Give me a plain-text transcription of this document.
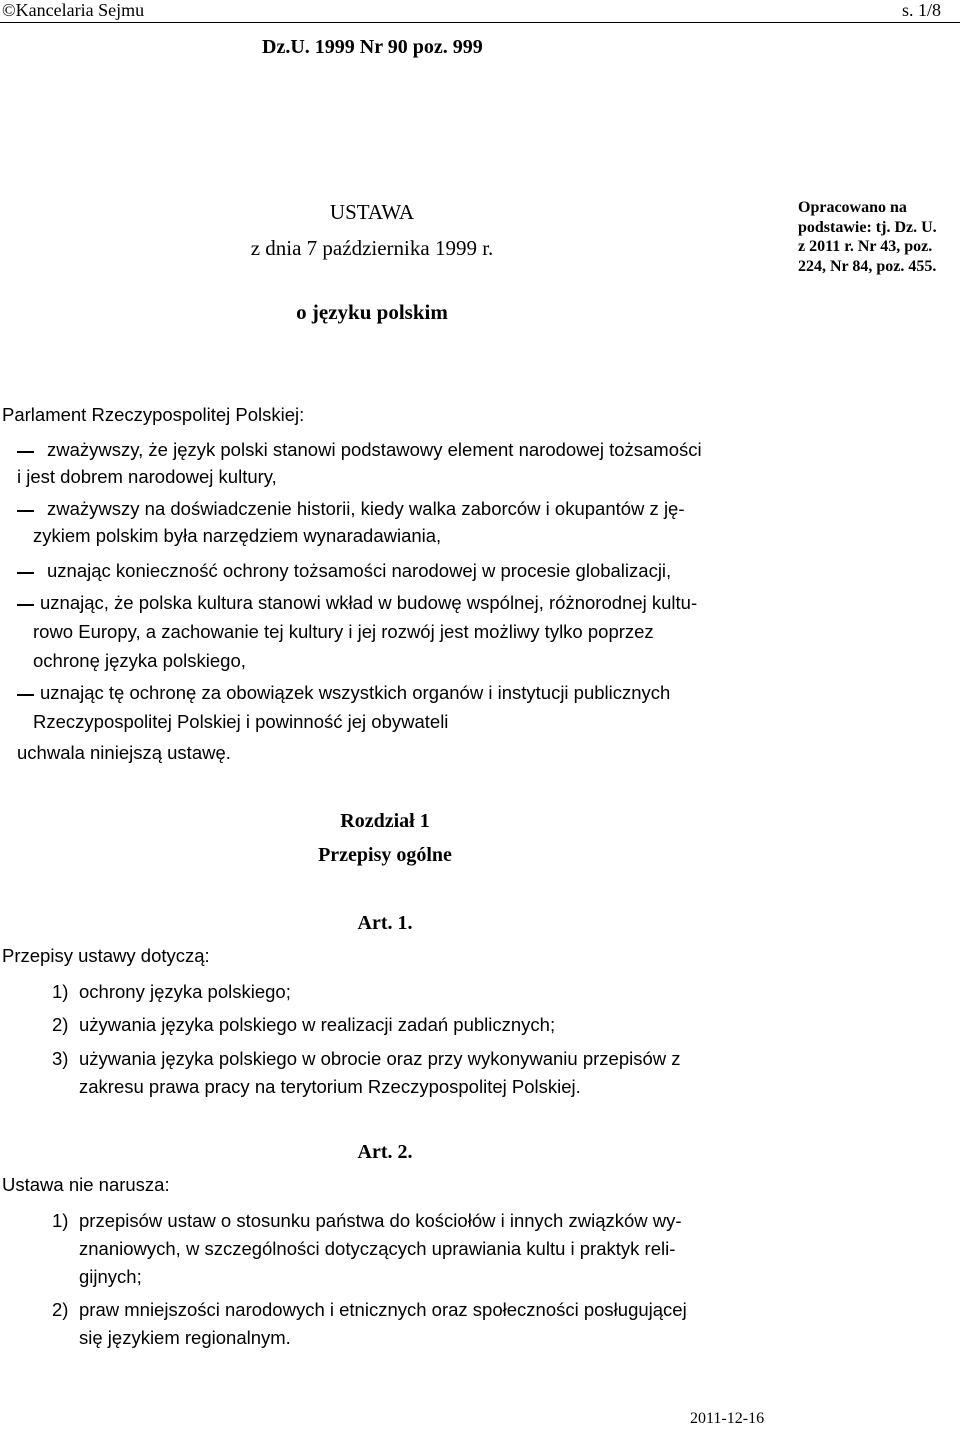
©Kancelaria Sejmu	s. 1/8
Dz.U. 1999 Nr 90 poz. 999
USTAWA
z dnia 7 października 1999 r.
o języku polskim
Opracowano na
podstawie: tj. Dz. U.
z 2011 r. Nr 43, poz.
224, Nr 84, poz. 455.
Parlament Rzeczypospolitej Polskiej:
zważywszy, że język polski stanowi podstawowy element narodowej tożsamości
i jest dobrem narodowej kultury,
zważywszy na doświadczenie historii, kiedy walka zaborców i okupantów z ję-
zykiem polskim była narzędziem wynaradawiania,
uznając konieczność ochrony tożsamości narodowej w procesie globalizacji,
uznając, że polska kultura stanowi wkład w budowę wspólnej, różnorodnej kultu-
rowo Europy, a zachowanie tej kultury i jej rozwój jest możliwy tylko poprzez
ochronę języka polskiego,
uznając tę ochronę za obowiązek wszystkich organów i instytucji publicznych
Rzeczypospolitej Polskiej i powinność jej obywateli
uchwala niniejszą ustawę.
Rozdział 1
Przepisy ogólne
Art. 1.
Przepisy ustawy dotyczą:
1) ochrony języka polskiego;
2) używania języka polskiego w realizacji zadań publicznych;
3) używania języka polskiego w obrocie oraz przy wykonywaniu przepisów z
zakresu prawa pracy na terytorium Rzeczypospolitej Polskiej.
Art. 2.
Ustawa nie narusza:
1) przepisów ustaw o stosunku państwa do kościołów i innych związków wy-
znaniowych, w szczególności dotyczących uprawiania kultu i praktyk reli-
gijnych;
2) praw mniejszości narodowych i etnicznych oraz społeczności posługującej
się językiem regionalnym.
2011-12-16
